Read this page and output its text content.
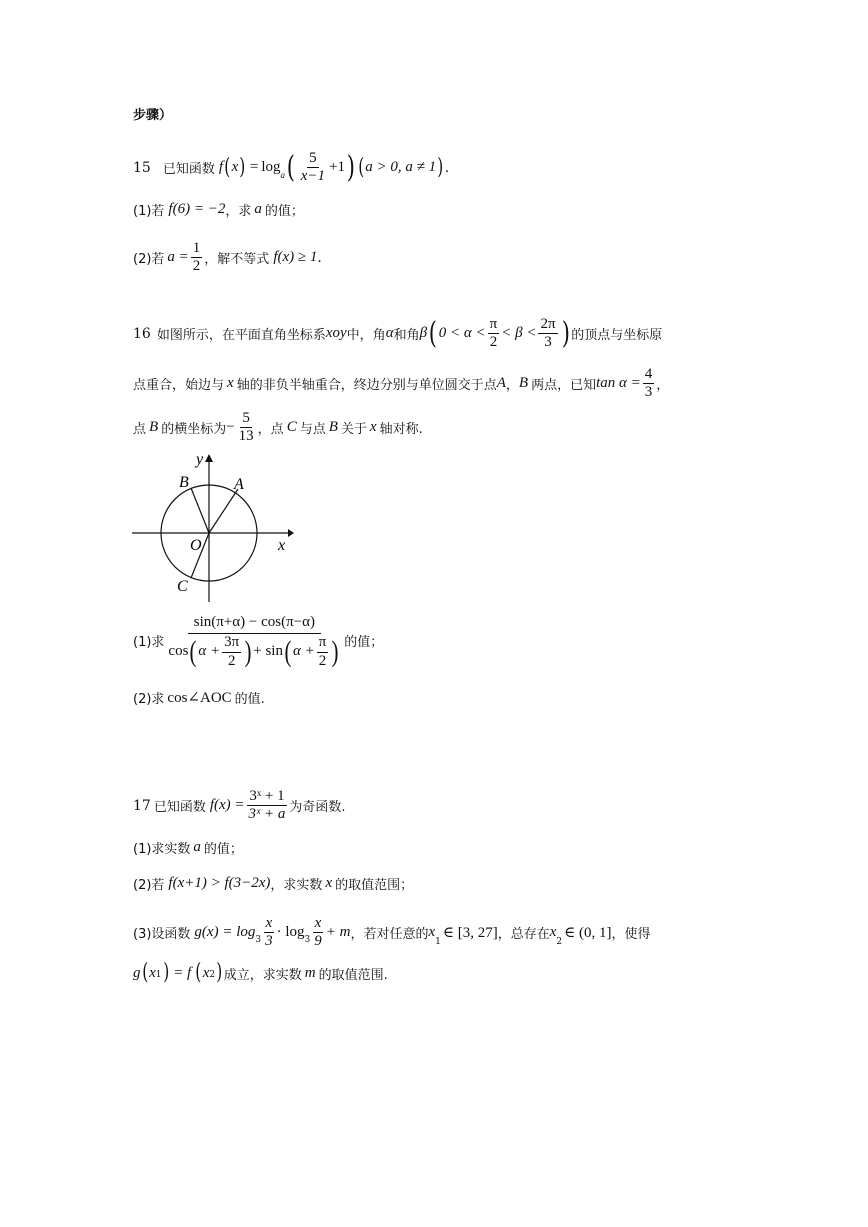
步骤）
15 已知函数 f ( x ) = $\log_a$ ( $\frac{5}{x-1} +1$ ) ( a > 0, a ≠ 1 ) .
(1)若 f(6) = −2 ，求 a 的值；
(2)若 $a = \frac{1}{2}$ ，解不等式 f(x) ≥ 1 .
16 如图所示，在平面直角坐标系 xoy 中，角 α 和角 β ( $0 < \alpha < \frac{\pi}{2} < \beta < \frac{2\pi}{3}$ ) 的顶点与坐标原
点重合，始边与 x 轴的非负半轴重合，终边分别与单位圆交于点 A ， B 两点，已知 $\tan \alpha = \frac{4}{3}$ ，
点 B 的横坐标为 − $\frac{5}{13}$ ，点 C 与点 B 关于 x 轴对称.
y
x
O
A
B
C
(1)求
sin(π+α) − cos(π−α)
cos ( $\alpha + \frac{3\pi}{2}$ ) + sin ( $\alpha + \frac{\pi}{2}$ ) 的值；
(2)求 cos∠AOC 的值.
17 已知函数 $f(x) = \frac{\text{3ˣ + 1}}{\text{3ˣ + a}}$ 为奇函数.
(1)求实数 a 的值；
(2)若 f(x+1) > f(3−2x) ，求实数 x 的取值范围；
(3)设函数 $g(x) = \log_3 \frac{x}{3} \cdot \log_3 \frac{x}{9} + m$ ，若对任意的 x
$_1$
∈ [3, 27] ，总存在 x
$_2$
∈ (0, 1] ，使得
g ( x 1 ) = f ( x 2 ) 成立，求实数 m 的取值范围.
